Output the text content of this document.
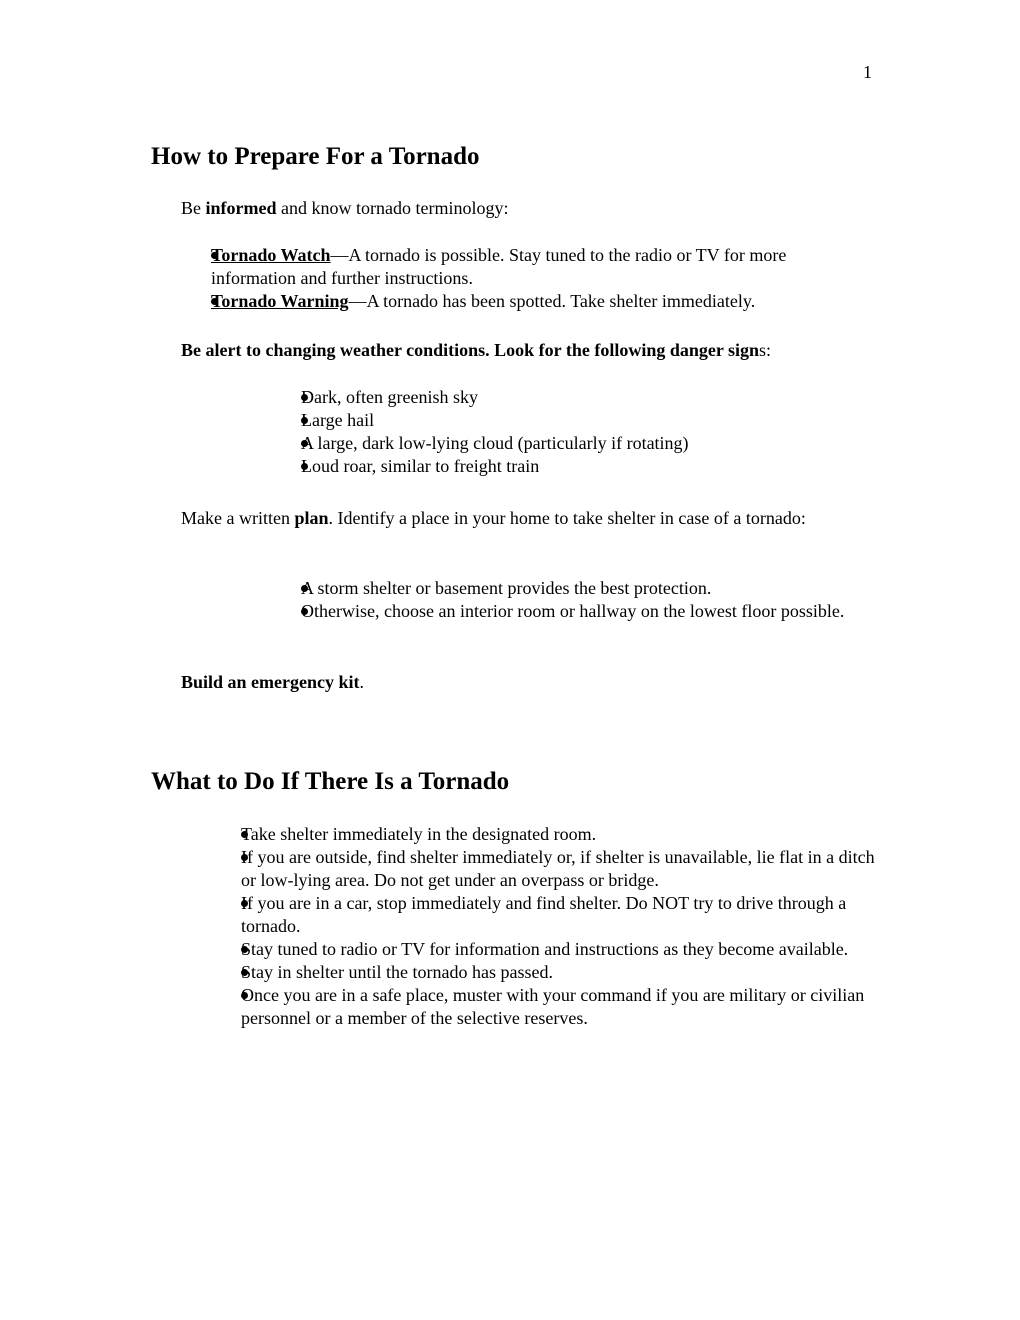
1
How to Prepare For a Tornado
Be informed and know tornado terminology:
Tornado Watch—A tornado is possible. Stay tuned to the radio or TV for more information and further instructions.
Tornado Warning—A tornado has been spotted. Take shelter immediately.
Be alert to changing weather conditions. Look for the following danger signs:
Dark, often greenish sky
Large hail
A large, dark low-lying cloud (particularly if rotating)
Loud roar, similar to freight train
Make a written plan. Identify a place in your home to take shelter in case of a tornado:
A storm shelter or basement provides the best protection.
Otherwise, choose an interior room or hallway on the lowest floor possible.
Build an emergency kit.
What to Do If There Is a Tornado
Take shelter immediately in the designated room.
If you are outside, find shelter immediately or, if shelter is unavailable, lie flat in a ditch or low-lying area. Do not get under an overpass or bridge.
If you are in a car, stop immediately and find shelter. Do NOT try to drive through a tornado.
Stay tuned to radio or TV for information and instructions as they become available.
Stay in shelter until the tornado has passed.
Once you are in a safe place, muster with your command if you are military or civilian personnel or a member of the selective reserves.
